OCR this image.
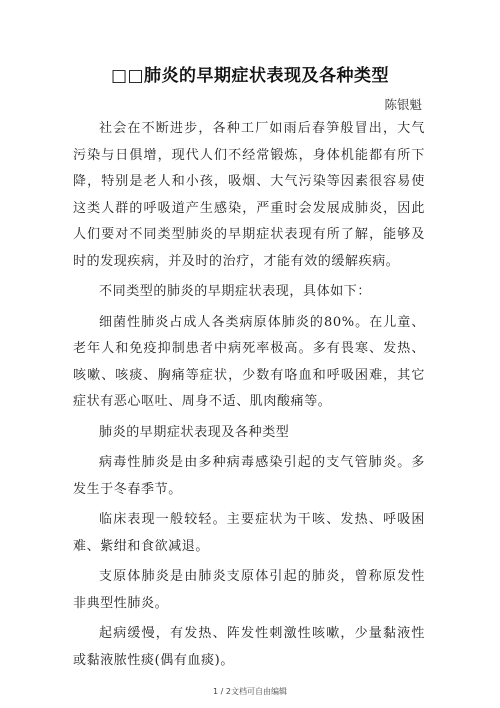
□□肺炎的早期症状表现及各种类型
陈银魁

社会在不断进步，各种工厂如雨后春笋般冒出，大气污染与日俱增，现代人们不经常锻炼，身体机能都有所下降，特别是老人和小孩，吸烟、大气污染等因素很容易使这类人群的呼吸道产生感染，严重时会发展成肺炎，因此人们要对不同类型肺炎的早期症状表现有所了解，能够及时的发现疾病，并及时的治疗，才能有效的缓解疾病。

不同类型的肺炎的早期症状表现，具体如下：

细菌性肺炎占成人各类病原体肺炎的80%。在儿童、老年人和免疫抑制患者中病死率极高。多有畏寒、发热、咳嗽、咳痰、胸痛等症状，少数有咯血和呼吸困难，其它症状有恶心呕吐、周身不适、肌肉酸痛等。

肺炎的早期症状表现及各种类型

病毒性肺炎是由多种病毒感染引起的支气管肺炎。多发生于冬春季节。

临床表现一般较轻。主要症状为干咳、发热、呼吸困难、紫绀和食欲减退。

支原体肺炎是由肺炎支原体引起的肺炎，曾称原发性非典型性肺炎。

起病缓慢，有发热、阵发性刺激性咳嗽，少量黏液性或黏液脓性痰(偶有血痰)。

1 / 2文档可自由编辑
